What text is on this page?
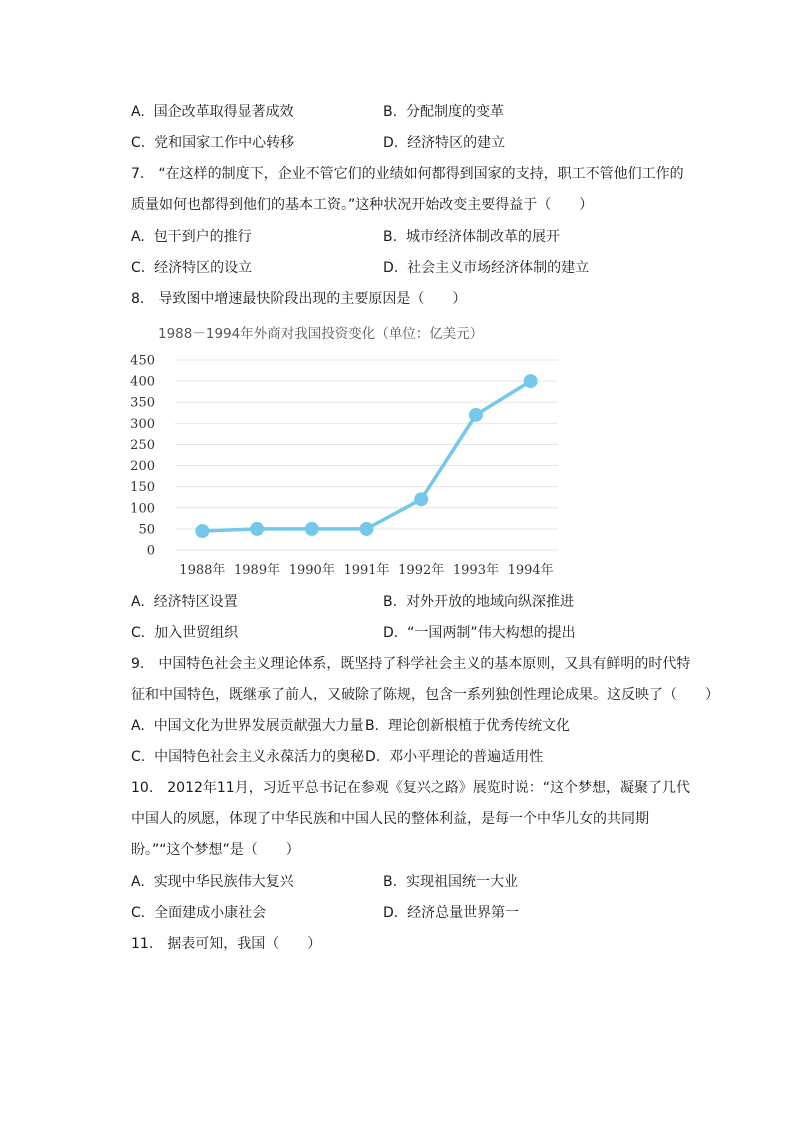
A. 国企改革取得显著成效	B. 分配制度的变革
C. 党和国家工作中心转移	D. 经济特区的建立
7.　“在这样的制度下，企业不管它们的业绩如何都得到国家的支持，职工不管他们工作的
质量如何也都得到他们的基本工资。”这种状况开始改变主要得益于（　　）
A. 包干到户的推行	B. 城市经济体制改革的展开
C. 经济特区的设立	D. 社会主义市场经济体制的建立
8.　导致图中增速最快阶段出现的主要原因是（　　）
1988－1994年外商对我国投资变化（单位：亿美元）
0
50
100
150
200
250
300
350
400
450
1988年 1989年 1990年 1991年 1992年 1993年 1994年
A. 经济特区设置	B. 对外开放的地域向纵深推进
C. 加入世贸组织	D. “一国两制”伟大构想的提出
9.　中国特色社会主义理论体系，既坚持了科学社会主义的基本原则，又具有鲜明的时代特
征和中国特色，既继承了前人，又破除了陈规，包含一系列独创性理论成果。这反映了（　　）
A. 中国文化为世界发展贡献强大力量 B. 理论创新根植于优秀传统文化
C. 中国特色社会主义永葆活力的奥秘 D. 邓小平理论的普遍适用性
10.　2012年11月，习近平总书记在参观《复兴之路》展览时说：“这个梦想，凝聚了几代
中国人的夙愿，体现了中华民族和中国人民的整体利益，是每一个中华儿女的共同期
盼。”“这个梦想”是（　　）
A. 实现中华民族伟大复兴	B. 实现祖国统一大业
C. 全面建成小康社会	D. 经济总量世界第一
11.　据表可知，我国（　　）
